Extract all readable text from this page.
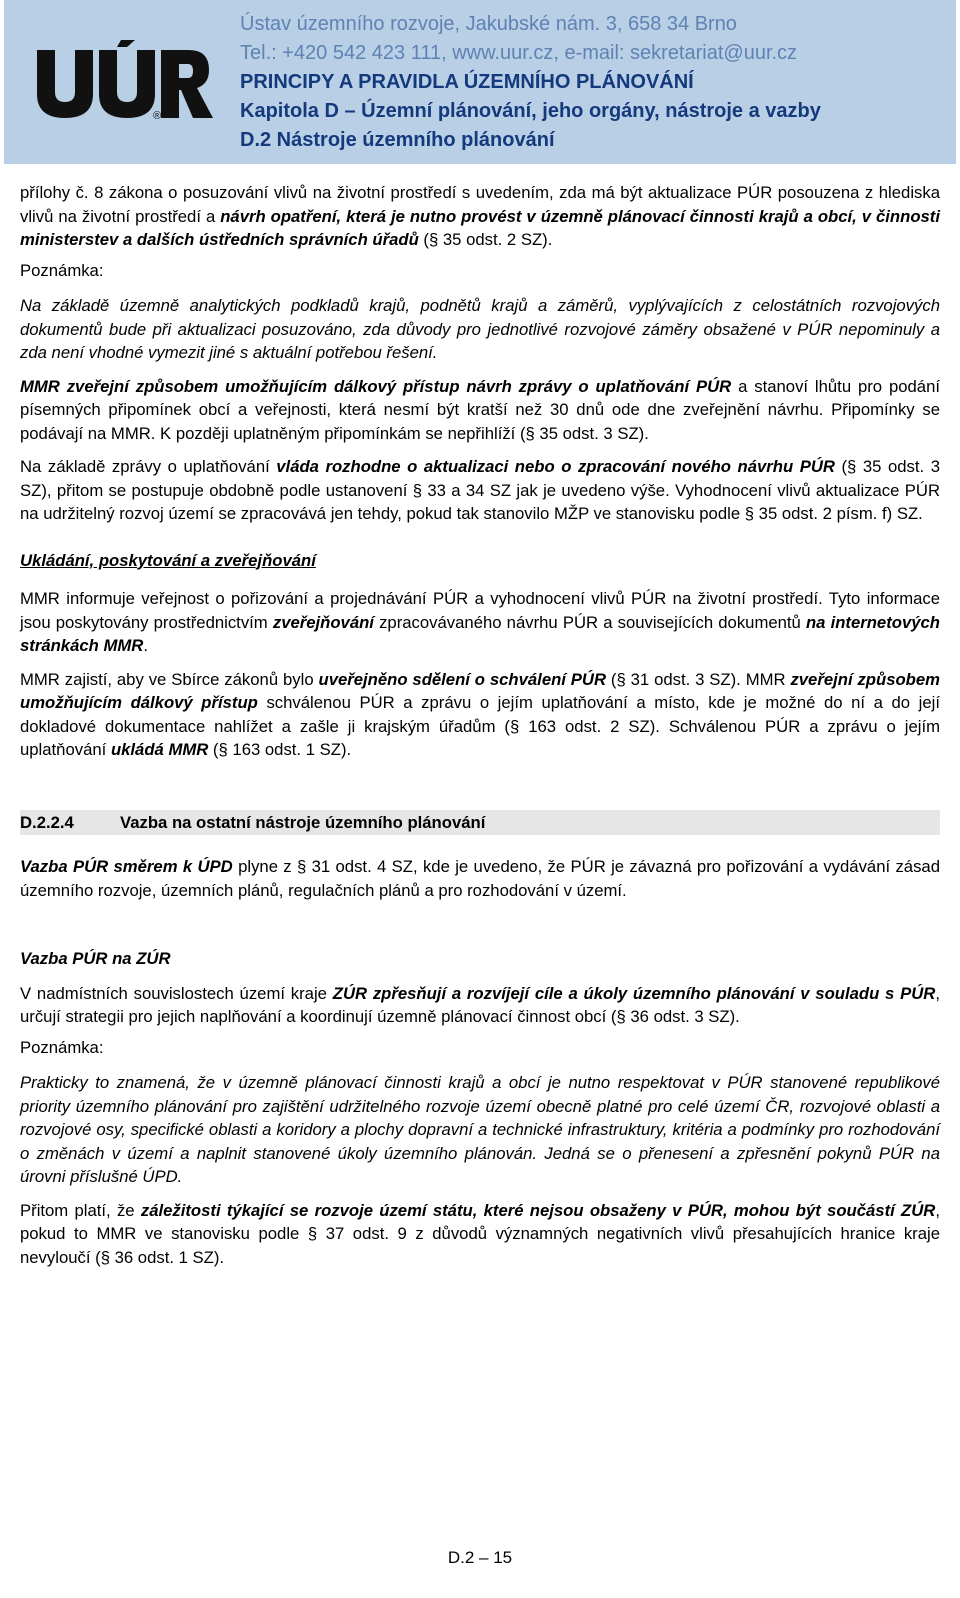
®
Ústav územního rozvoje, Jakubské nám. 3, 658 34 Brno
Tel.: +420 542 423 111, www.uur.cz, e-mail: sekretariat@uur.cz
PRINCIPY A PRAVIDLA ÚZEMNÍHO PLÁNOVÁNÍ
Kapitola D – Územní plánování, jeho orgány, nástroje a vazby
D.2 Nástroje územního plánování

přílohy č. 8 zákona o posuzování vlivů na životní prostředí s uvedením, zda má být aktualizace PÚR posouzena z hlediska vlivů na životní prostředí a návrh opatření, která je nutno provést v územně plánovací činnosti krajů a obcí, v činnosti ministerstev a dalších ústředních správních úřadů (§ 35 odst. 2 SZ).

Poznámka:

Na základě územně analytických podkladů krajů, podnětů krajů a záměrů, vyplývajících z celostátních rozvojových dokumentů bude při aktualizaci posuzováno, zda důvody pro jednotlivé rozvojové záměry obsažené v PÚR nepominuly a zda není vhodné vymezit jiné s aktuální potřebou řešení.

MMR zveřejní způsobem umožňujícím dálkový přístup návrh zprávy o uplatňování PÚR a stanoví lhůtu pro podání písemných připomínek obcí a veřejnosti, která nesmí být kratší než 30 dnů ode dne zveřejnění návrhu. Připomínky se podávají na MMR. K později uplatněným připomínkám se nepřihlíží (§ 35 odst. 3 SZ).

Na základě zprávy o uplatňování vláda rozhodne o aktualizaci nebo o zpracování nového návrhu PÚR (§ 35 odst. 3 SZ), přitom se postupuje obdobně podle ustanovení § 33 a 34 SZ jak je uvedeno výše. Vyhodnocení vlivů aktualizace PÚR na udržitelný rozvoj území se zpracovává jen tehdy, pokud tak stanovilo MŽP ve stanovisku podle § 35 odst. 2 písm. f) SZ.

Ukládání, poskytování a zveřejňování

MMR informuje veřejnost o pořizování a projednávání PÚR a vyhodnocení vlivů PÚR na životní prostředí. Tyto informace jsou poskytovány prostřednictvím zveřejňování zpracovávaného návrhu PÚR a souvisejících dokumentů na internetových stránkách MMR.

MMR zajistí, aby ve Sbírce zákonů bylo uveřejněno sdělení o schválení PÚR (§ 31 odst. 3 SZ). MMR zveřejní způsobem umožňujícím dálkový přístup schválenou PÚR a zprávu o jejím uplatňování a místo, kde je možné do ní a do její dokladové dokumentace nahlížet a zašle ji krajským úřadům (§ 163 odst. 2 SZ). Schválenou PÚR a zprávu o jejím uplatňování ukládá MMR (§ 163 odst. 1 SZ).

D.2.2.4	Vazba na ostatní nástroje územního plánování

Vazba PÚR směrem k ÚPD plyne z § 31 odst. 4 SZ, kde je uvedeno, že PÚR je závazná pro pořizování a vydávání zásad územního rozvoje, územních plánů, regulačních plánů a pro rozhodování v území.

Vazba PÚR na ZÚR

V nadmístních souvislostech území kraje ZÚR zpřesňují a rozvíjejí cíle a úkoly územního plánování v souladu s PÚR, určují strategii pro jejich naplňování a koordinují územně plánovací činnost obcí (§ 36 odst. 3 SZ).

Poznámka:

Prakticky to znamená, že v územně plánovací činnosti krajů a obcí je nutno respektovat v PÚR stanovené republikové priority územního plánování pro zajištění udržitelného rozvoje území obecně platné pro celé území ČR, rozvojové oblasti a rozvojové osy, specifické oblasti a koridory a plochy dopravní a technické infrastruktury, kritéria a podmínky pro rozhodování o změnách v území a naplnit stanovené úkoly územního plánován. Jedná se o přenesení a zpřesnění pokynů PÚR na úrovni příslušné ÚPD.

Přitom platí, že záležitosti týkající se rozvoje území státu, které nejsou obsaženy v PÚR, mohou být součástí ZÚR, pokud to MMR ve stanovisku podle § 37 odst. 9 z důvodů významných negativních vlivů přesahujících hranice kraje nevyloučí (§ 36 odst. 1 SZ).

D.2 – 15
